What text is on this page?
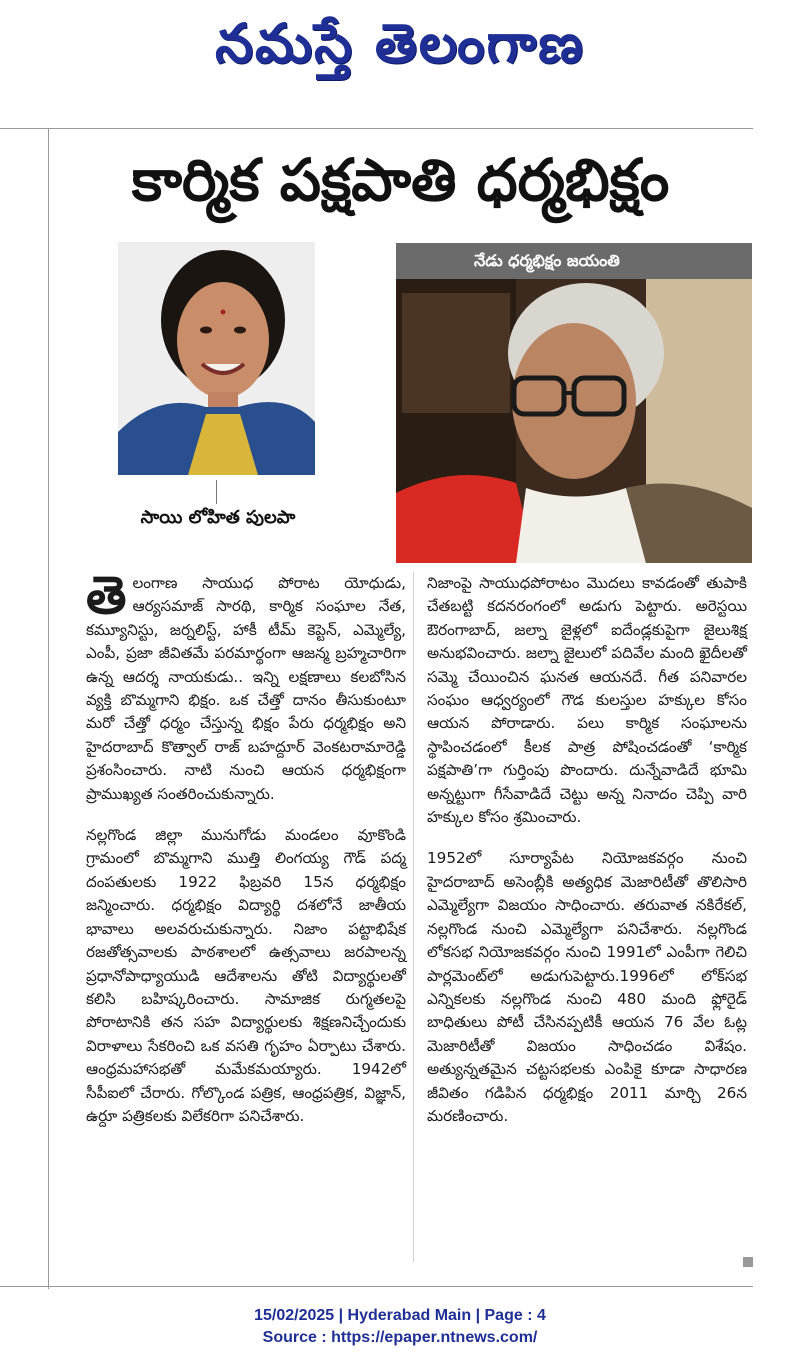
నమస్తే తెలంగాణ
కార్మిక పక్షపాతి ధర్మభిక్షం
నేడు ధర్మభిక్షం జయంతి
సాయి లోహిత పులపా

తెలంగాణ సాయుధ పోరాట యోధుడు, ఆర్యసమాజ్ సారథి, కార్మిక సంఘాల నేత, కమ్యూనిస్టు, జర్నలిస్ట్, హాకీ టీమ్ కెప్టెన్, ఎమ్మెల్యే, ఎంపీ, ప్రజా జీవితమే పరమార్థంగా ఆజన్మ బ్రహ్మచారిగా ఉన్న ఆదర్శ నాయకుడు.. ఇన్ని లక్షణాలు కలబోసిన వ్యక్తి బొమ్మగాని భిక్షం. ఒక చేత్తో దానం తీసుకుంటూ మరో చేత్తో ధర్మం చేస్తున్న భిక్షం పేరు ధర్మభిక్షం అని హైదరాబాద్ కొత్వాల్ రాజ్ బహద్దూర్ వెంకటరామారెడ్డి ప్రశంసించారు. నాటి నుంచి ఆయన ధర్మభిక్షంగా ప్రాముఖ్యత సంతరించుకున్నారు.

నల్లగొండ జిల్లా మునుగోడు మండలం వూకొండి గ్రామంలో బొమ్మగాని ముత్తి లింగయ్య గౌడ్ పద్మ దంపతులకు 1922 ఫిబ్రవరి 15న ధర్మభిక్షం జన్మించారు. ధర్మభిక్షం విద్యార్థి దశలోనే జాతీయ భావాలు అలవరుచుకున్నారు. నిజాం పట్టాభిషేక రజతోత్సవాలకు పాఠశాలలో ఉత్సవాలు జరపాలన్న ప్రధానోపాధ్యాయుడి ఆదేశాలను తోటి విద్యార్థులతో కలిసి బహిష్కరించారు. సామాజిక రుగ్మతలపై పోరాటానికి తన సహ విద్యార్థులకు శిక్షణనిచ్చేందుకు విరాళాలు సేకరించి ఒక వసతి గృహం ఏర్పాటు చేశారు. ఆంధ్రమహాసభతో మమేకమయ్యారు. 1942లో సీపీఐలో చేరారు. గోల్కొండ పత్రిక, ఆంధ్రపత్రిక, విజ్ఞాన్, ఉర్దూ పత్రికలకు విలేకరిగా పనిచేశారు.

నిజాంపై సాయుధపోరాటం మొదలు కావడంతో తుపాకి చేతబట్టి కదనరంగంలో అడుగు పెట్టారు. అరెస్టయి ఔరంగాబాద్, జల్నా జైళ్లలో ఐదేండ్లకుపైగా జైలుశిక్ష అనుభవించారు. జల్నా జైలులో పదివేల మంది ఖైదీలతో సమ్మె చేయించిన ఘనత ఆయనదే. గీత పనివారల సంఘం ఆధ్వర్యంలో గౌడ కులస్తుల హక్కుల కోసం ఆయన పోరాడారు. పలు కార్మిక సంఘాలను స్థాపించడంలో కీలక పాత్ర పోషించడంతో ‘కార్మిక పక్షపాతి’గా గుర్తింపు పొందారు. దున్నేవాడిదే భూమి అన్నట్టుగా గీసేవాడిదే చెట్టు అన్న నినాదం చెప్పి వారి హక్కుల కోసం శ్రమించారు.

1952లో సూర్యాపేట నియోజకవర్గం నుంచి హైదరాబాద్ అసెంబ్లీకి అత్యధిక మెజారిటీతో తొలిసారి ఎమ్మెల్యేగా విజయం సాధించారు. తరువాత నకిరేకల్, నల్లగొండ నుంచి ఎమ్మెల్యేగా పనిచేశారు. నల్లగొండ లోకసభ నియోజకవర్గం నుంచి 1991లో ఎంపీగా గెలిచి పార్లమెంట్‌లో అడుగుపెట్టారు.1996లో లోక్‌సభ ఎన్నికలకు నల్లగొండ నుంచి 480 మంది ఫ్లోరైడ్ బాధితులు పోటీ చేసినప్పటికీ ఆయన 76 వేల ఓట్ల మెజారిటీతో విజయం సాధించడం విశేషం. అత్యున్నతమైన చట్టసభలకు ఎంపికై కూడా సాధారణ జీవితం గడిపిన ధర్మభిక్షం 2011 మార్చి 26న మరణించారు.

15/02/2025 | Hyderabad Main | Page : 4
Source : https://epaper.ntnews.com/
